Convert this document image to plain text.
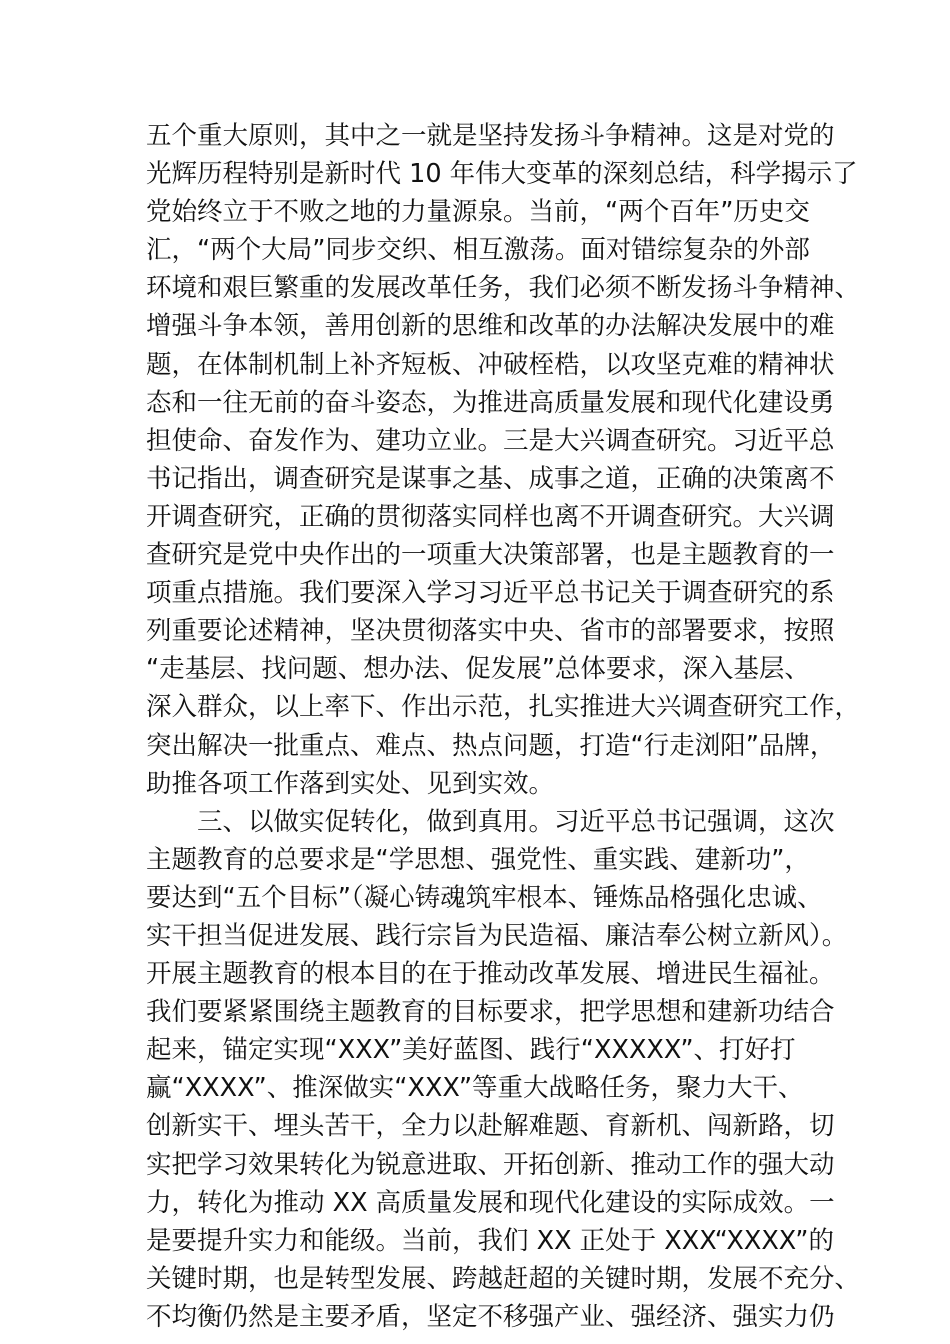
五个重大原则，其中之一就是坚持发扬斗争精神。这是对党的
光辉历程特别是新时代 10 年伟大变革的深刻总结，科学揭示了
党始终立于不败之地的力量源泉。当前，“两个百年”历史交
汇，“两个大局”同步交织、相互激荡。面对错综复杂的外部
环境和艰巨繁重的发展改革任务，我们必须不断发扬斗争精神、
增强斗争本领，善用创新的思维和改革的办法解决发展中的难
题，在体制机制上补齐短板、冲破桎梏，以攻坚克难的精神状
态和一往无前的奋斗姿态，为推进高质量发展和现代化建设勇
担使命、奋发作为、建功立业。三是大兴调查研究。习近平总
书记指出，调查研究是谋事之基、成事之道，正确的决策离不
开调查研究，正确的贯彻落实同样也离不开调查研究。大兴调
查研究是党中央作出的一项重大决策部署，也是主题教育的一
项重点措施。我们要深入学习习近平总书记关于调查研究的系
列重要论述精神，坚决贯彻落实中央、省市的部署要求，按照
“走基层、找问题、想办法、促发展”总体要求，深入基层、
深入群众，以上率下、作出示范，扎实推进大兴调查研究工作，
突出解决一批重点、难点、热点问题，打造“行走浏阳”品牌，
助推各项工作落到实处、见到实效。
三、以做实促转化，做到真用。习近平总书记强调，这次
主题教育的总要求是“学思想、强党性、重实践、建新功”，
要达到“五个目标”（凝心铸魂筑牢根本、锤炼品格强化忠诚、
实干担当促进发展、践行宗旨为民造福、廉洁奉公树立新风）。
开展主题教育的根本目的在于推动改革发展、增进民生福祉。
我们要紧紧围绕主题教育的目标要求，把学思想和建新功结合
起来，锚定实现“XXX”美好蓝图、践行“XXXXX”、打好打
赢“XXXX”、推深做实“XXX”等重大战略任务，聚力大干、
创新实干、埋头苦干，全力以赴解难题、育新机、闯新路，切
实把学习效果转化为锐意进取、开拓创新、推动工作的强大动
力，转化为推动 XX 高质量发展和现代化建设的实际成效。一
是要提升实力和能级。当前，我们 XX 正处于 XXX“XXXX”的
关键时期，也是转型发展、跨越赶超的关键时期，发展不充分、
不均衡仍然是主要矛盾，坚定不移强产业、强经济、强实力仍
